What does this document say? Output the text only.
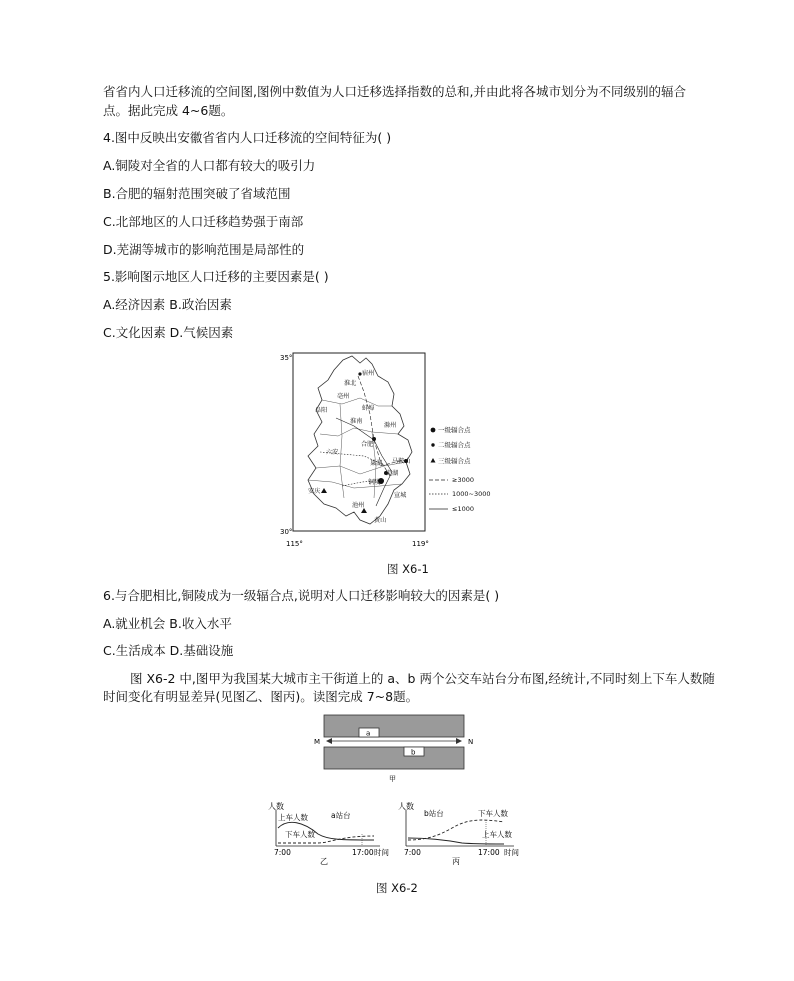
省省内人口迁移流的空间图,图例中数值为人口迁移选择指数的总和,并由此将各城市划分为不同级别的辐合
点。据此完成 4~6题。
4.图中反映出安徽省省内人口迁移流的空间特征为( )
A.铜陵对全省的人口都有较大的吸引力
B.合肥的辐射范围突破了省域范围
C.北部地区的人口迁移趋势强于南部
D.芜湖等城市的影响范围是局部性的
5.影响图示地区人口迁移的主要因素是( )
A.经济因素 B.政治因素
C.文化因素 D.气候因素
35°
30°
115°	119°
淮北
宿州
亳州
阜阳	蚌埠
淮南
滁州
合肥
六安
巢湖 马鞍山
芜湖
铜陵
安庆
宣城
池州
黄山
一级辐合点
二级辐合点
三级辐合点
≥3000
1000~3000
≤1000
图 X6-1
6.与合肥相比,铜陵成为一级辐合点,说明对人口迁移影响较大的因素是( )
A.就业机会 B.收入水平
C.生活成本 D.基础设施
图 X6-2 中,图甲为我国某大城市主干街道上的 a、b 两个公交车站台分布图,经统计,不同时刻上下车人数随
时间变化有明显差异(见图乙、图丙)。读图完成 7~8题。
a
b
M	N
甲
人数
a站台
上车人数
下车人数
7:00	17:00 时间
乙
人数
b站台	下车人数
上车人数
7:00	17:00 时间
丙
图 X6-2
